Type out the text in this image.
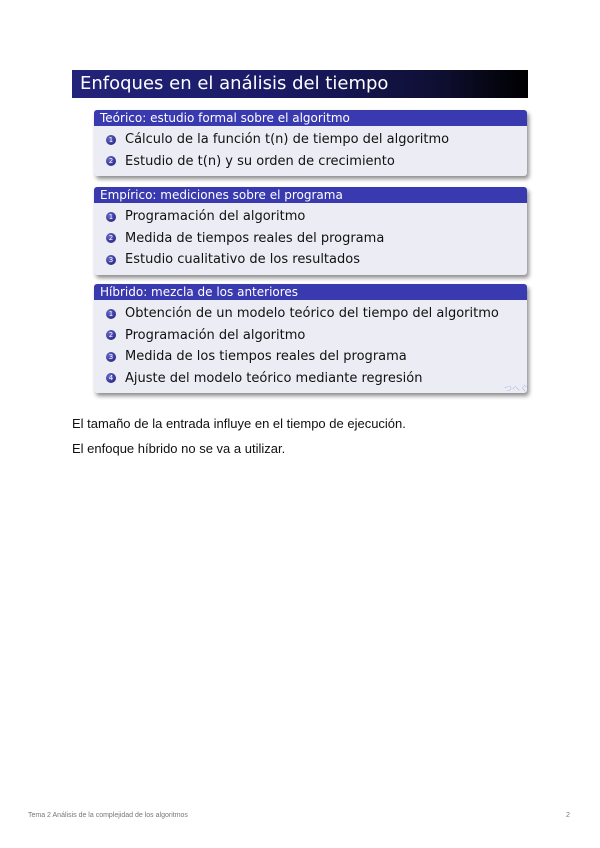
Enfoques en el análisis del tiempo
Teórico: estudio formal sobre el algoritmo
1 Cálculo de la función t(n) de tiempo del algoritmo
2 Estudio de t(n) y su orden de crecimiento
Empírico: mediciones sobre el programa
1 Programación del algoritmo
2 Medida de tiempos reales del programa
3 Estudio cualitativo de los resultados
Híbrido: mezcla de los anteriores
1 Obtención de un modelo teórico del tiempo del algoritmo
2 Programación del algoritmo
3 Medida de los tiempos reales del programa
4 Ajuste del modelo teórico mediante regresión
つへぐ
El tamaño de la entrada influye en el tiempo de ejecución.
El enfoque híbrido no se va a utilizar.
Tema 2 Análisis de la complejidad de los algoritmos	2
